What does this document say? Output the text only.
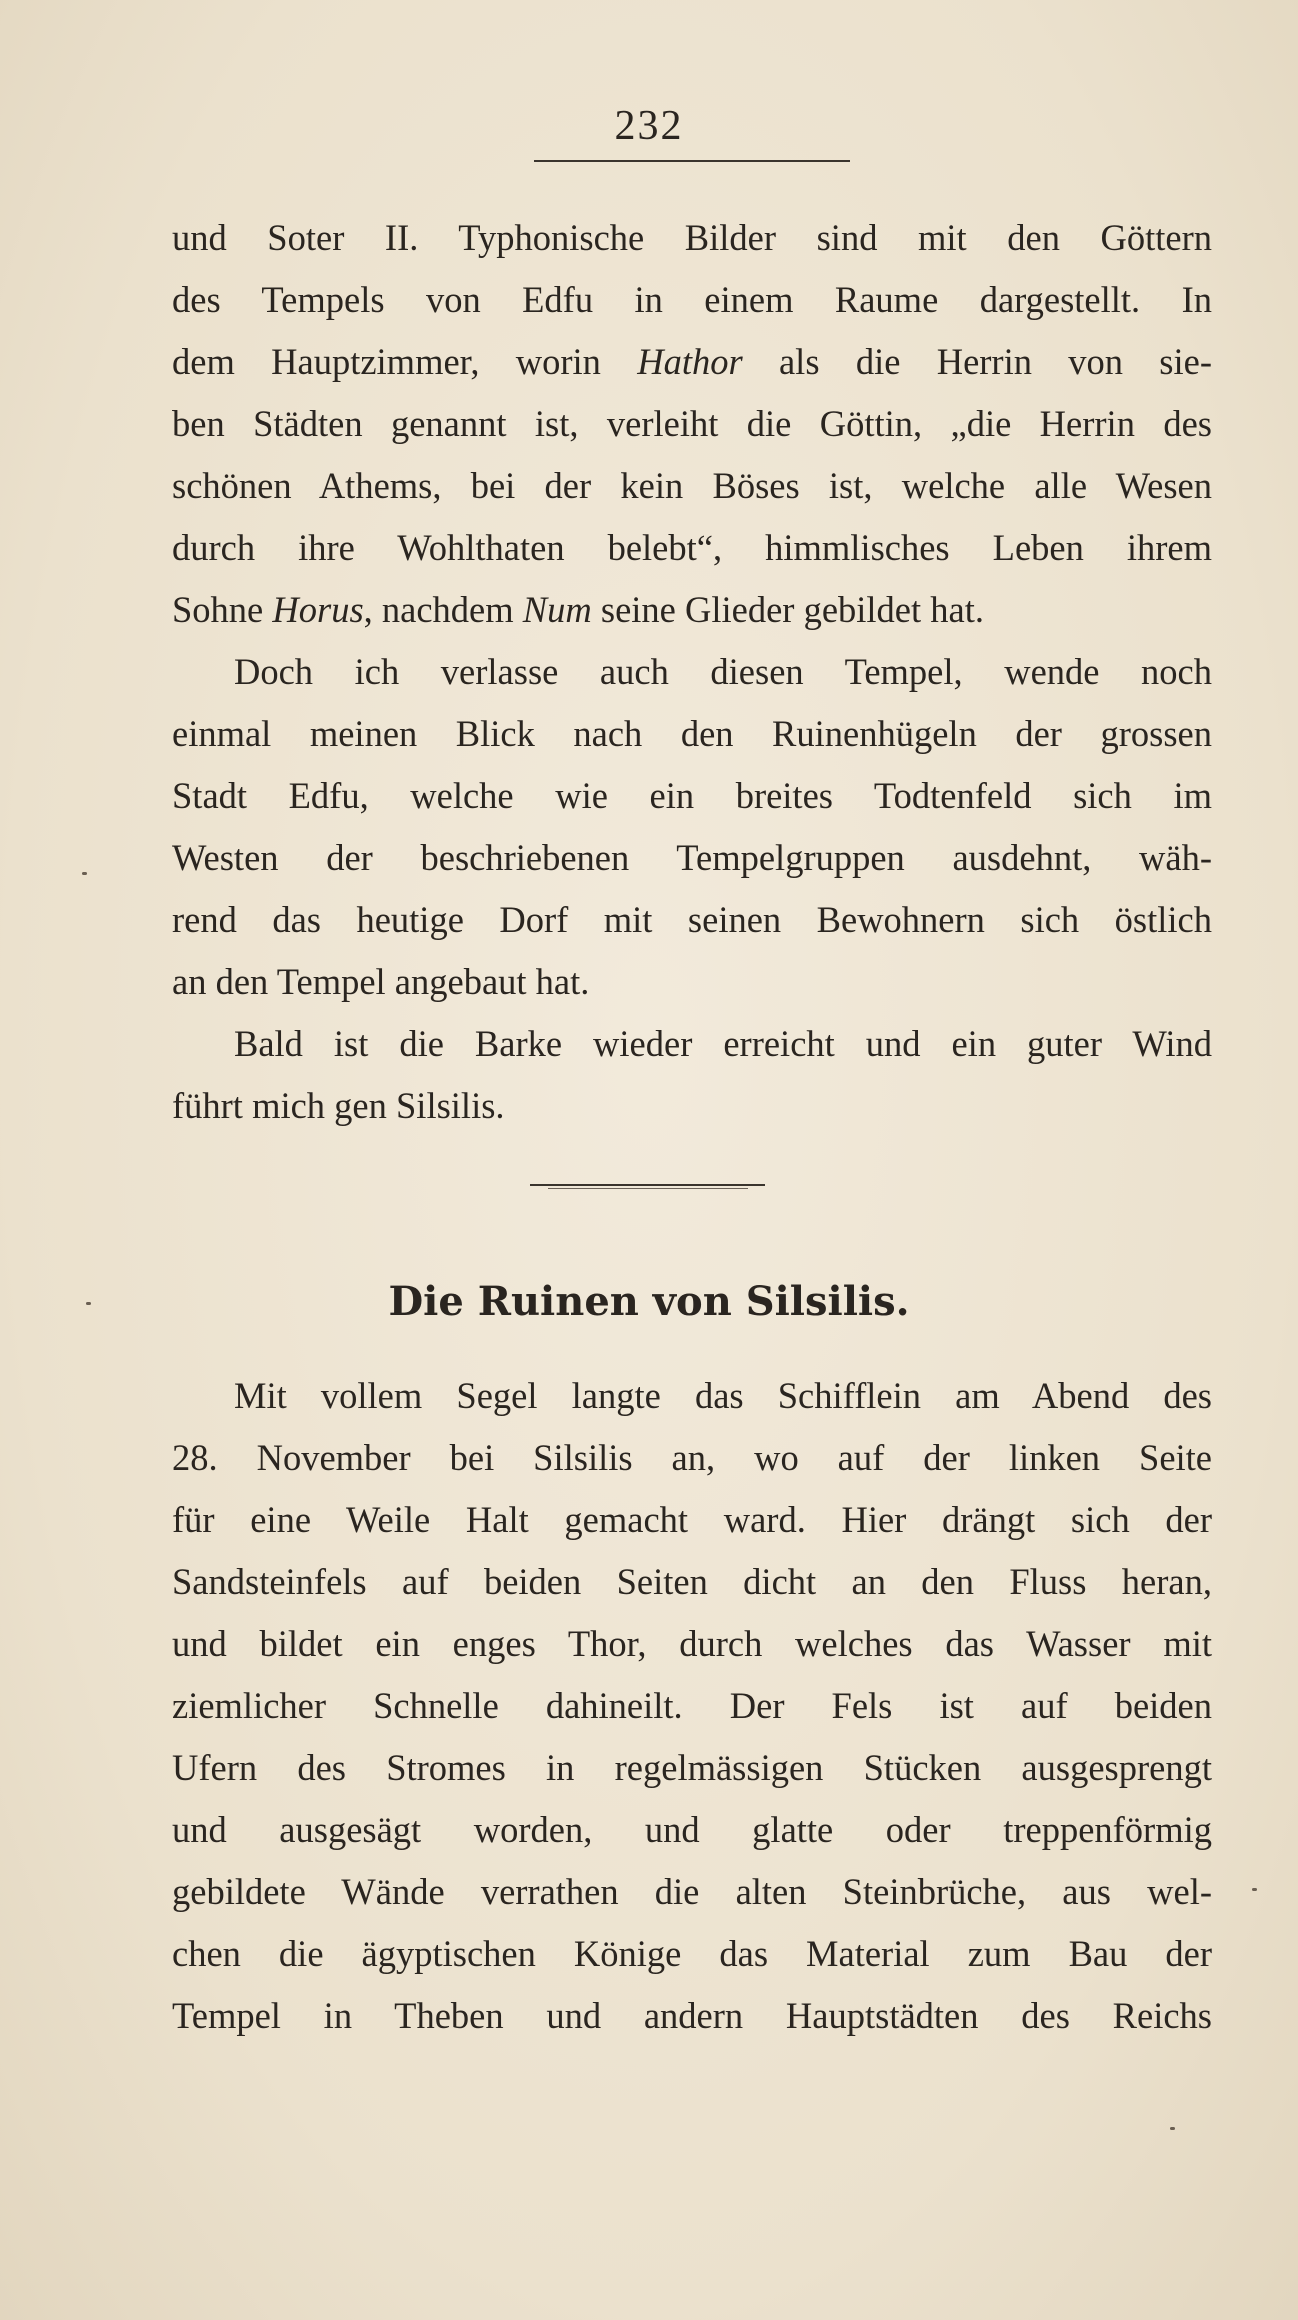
232
und Soter II. Typhonische Bilder sind mit den Göttern
des Tempels von Edfu in einem Raume dargestellt. In
dem Hauptzimmer, worin Hathor als die Herrin von sie-
ben Städten genannt ist, verleiht die Göttin, „die Herrin des
schönen Athems, bei der kein Böses ist, welche alle Wesen
durch ihre Wohlthaten belebt“, himmlisches Leben ihrem
Sohne Horus, nachdem Num seine Glieder gebildet hat.
Doch ich verlasse auch diesen Tempel, wende noch
einmal meinen Blick nach den Ruinenhügeln der grossen
Stadt Edfu, welche wie ein breites Todtenfeld sich im
Westen der beschriebenen Tempelgruppen ausdehnt, wäh-
rend das heutige Dorf mit seinen Bewohnern sich östlich
an den Tempel angebaut hat.
Bald ist die Barke wieder erreicht und ein guter Wind
führt mich gen Silsilis.
Die Ruinen von Silsilis.
Mit vollem Segel langte das Schifflein am Abend des
28. November bei Silsilis an, wo auf der linken Seite
für eine Weile Halt gemacht ward. Hier drängt sich der
Sandsteinfels auf beiden Seiten dicht an den Fluss heran,
und bildet ein enges Thor, durch welches das Wasser mit
ziemlicher Schnelle dahineilt. Der Fels ist auf beiden
Ufern des Stromes in regelmässigen Stücken ausgesprengt
und ausgesägt worden, und glatte oder treppenförmig
gebildete Wände verrathen die alten Steinbrüche, aus wel-
chen die ägyptischen Könige das Material zum Bau der
Tempel in Theben und andern Hauptstädten des Reichs
